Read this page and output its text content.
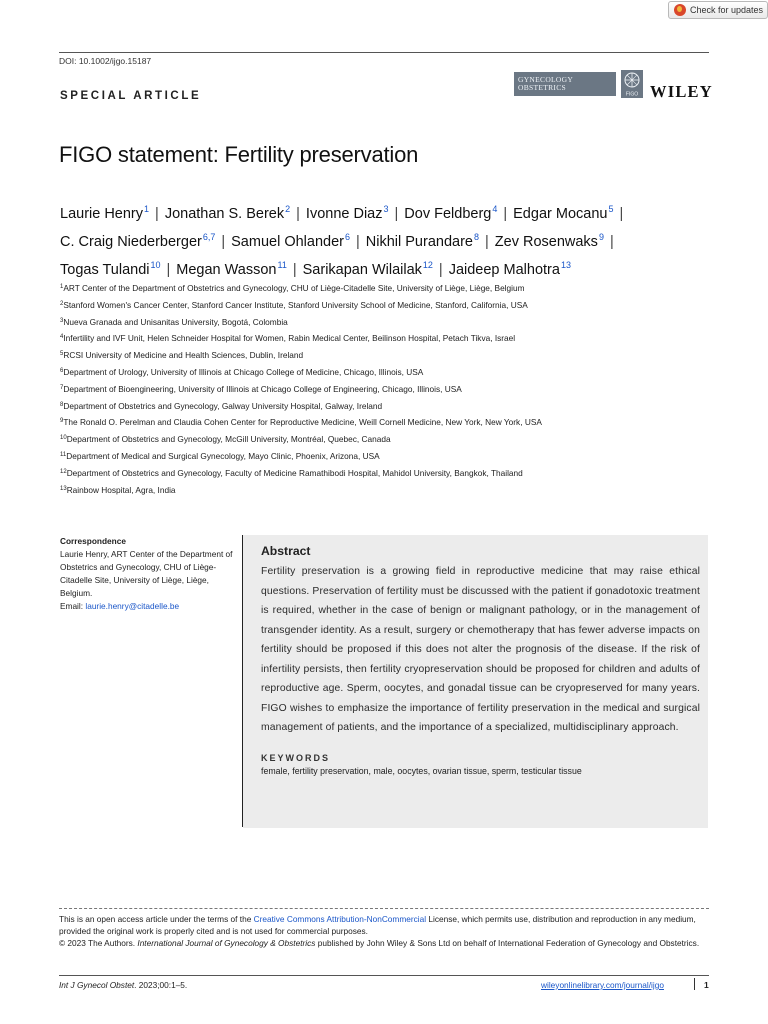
Check for updates
DOI: 10.1002/ijgo.15187
SPECIAL ARTICLE
GYNECOLOGY
OBSTETRICS
FIGO WILEY
FIGO statement: Fertility preservation
Laurie Henry$^1$ | Jonathan S. Berek$^2$ | Ivonne Diaz$^3$ | Dov Feldberg$^4$ | Edgar Mocanu$^5$ |
C. Craig Niederberger$^{6,7}$ | Samuel Ohlander$^6$ | Nikhil Purandare$^8$ | Zev Rosenwaks$^9$ |
Togas Tulandi$^{10}$ | Megan Wasson$^{11}$ | Sarikapan Wilailak$^{12}$ | Jaideep Malhotra$^{13}$
$^1$ART Center of the Department of Obstetrics and Gynecology, CHU of Liège-Citadelle Site, University of Liège, Liège, Belgium
$^2$Stanford Women's Cancer Center, Stanford Cancer Institute, Stanford University School of Medicine, Stanford, California, USA
$^3$Nueva Granada and Unisanitas University, Bogotá, Colombia
$^4$Infertility and IVF Unit, Helen Schneider Hospital for Women, Rabin Medical Center, Beilinson Hospital, Petach Tikva, Israel
$^5$RCSI University of Medicine and Health Sciences, Dublin, Ireland
$^6$Department of Urology, University of Illinois at Chicago College of Medicine, Chicago, Illinois, USA
$^7$Department of Bioengineering, University of Illinois at Chicago College of Engineering, Chicago, Illinois, USA
$^8$Department of Obstetrics and Gynecology, Galway University Hospital, Galway, Ireland
$^9$The Ronald O. Perelman and Claudia Cohen Center for Reproductive Medicine, Weill Cornell Medicine, New York, New York, USA
$^{10}$Department of Obstetrics and Gynecology, McGill University, Montréal, Quebec, Canada
$^{11}$Department of Medical and Surgical Gynecology, Mayo Clinic, Phoenix, Arizona, USA
$^{12}$Department of Obstetrics and Gynecology, Faculty of Medicine Ramathibodi Hospital, Mahidol University, Bangkok, Thailand
$^{13}$Rainbow Hospital, Agra, India
Correspondence
Laurie Henry, ART Center of the Department of Obstetrics and Gynecology, CHU of Liège-Citadelle Site, University of Liège, Liège, Belgium.
Email: laurie.henry@citadelle.be
Abstract

Fertility preservation is a growing field in reproductive medicine that may raise ethical questions. Preservation of fertility must be discussed with the patient if gonadotoxic treatment is required, whether in the case of benign or malignant pathology, or in the management of transgender identity. As a result, surgery or chemotherapy that has fewer adverse impacts on fertility should be proposed if this does not alter the prognosis of the disease. If the risk of infertility persists, then fertility cryopreservation should be proposed for children and adults of reproductive age. Sperm, oocytes, and gonadal tissue can be cryopreserved for many years. FIGO wishes to emphasize the importance of fertility preservation in the medical and surgical management of patients, and the importance of a specialized, multidisciplinary approach.

KEYWORDS
female, fertility preservation, male, oocytes, ovarian tissue, sperm, testicular tissue
This is an open access article under the terms of the Creative Commons Attribution-NonCommercial License, which permits use, distribution and reproduction in any medium, provided the original work is properly cited and is not used for commercial purposes.
© 2023 The Authors. International Journal of Gynecology & Obstetrics published by John Wiley & Sons Ltd on behalf of International Federation of Gynecology and Obstetrics.
Int J Gynecol Obstet. 2023;00:1–5.	wileyonlinelibrary.com/journal/ijgo	1
